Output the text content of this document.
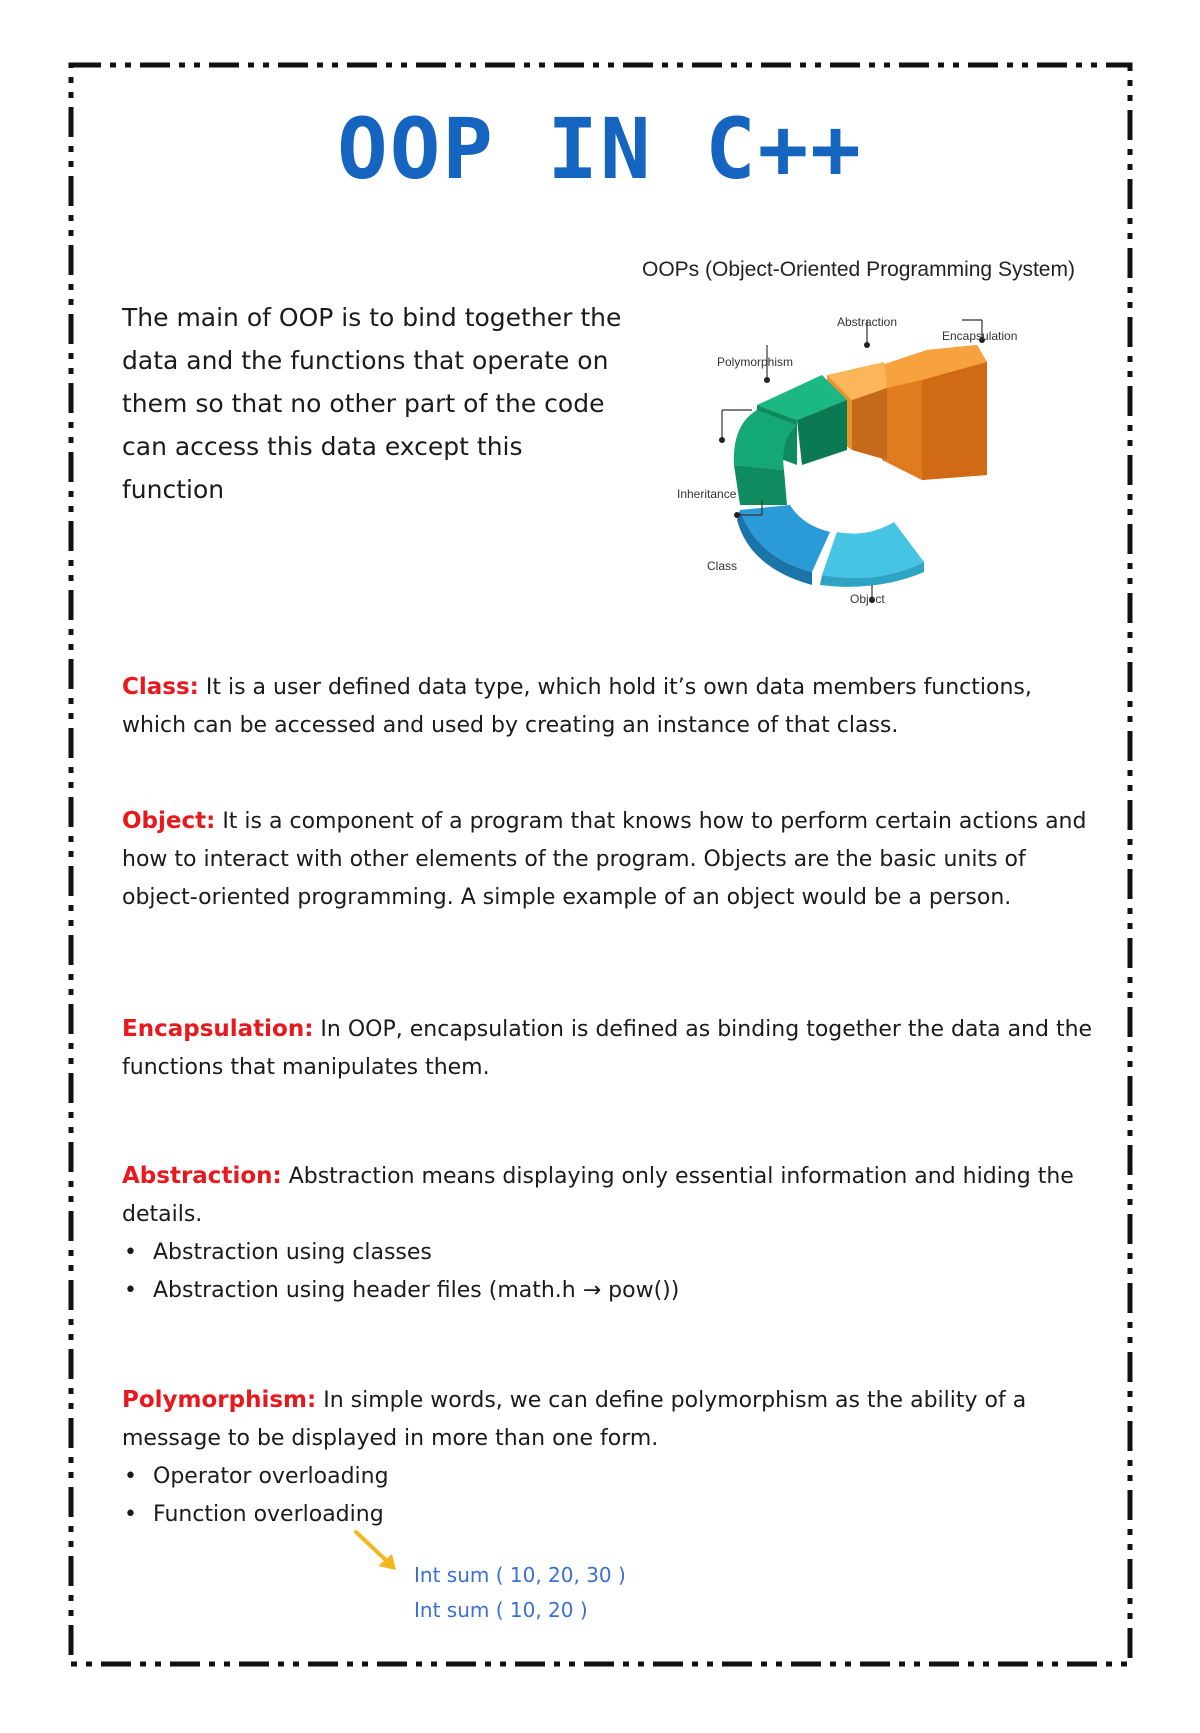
OOP IN C++
The main of OOP is to bind together the data and the functions that operate on them so that no other part of the code can access this data except this function
OOPs (Object-Oriented Programming System)
Abstraction
Encapsulation
Polymorphism
Inheritance
Class
Object
Class: It is a user defined data type, which hold it’s own data members functions, which can be accessed and used by creating an instance of that class.
Object: It is a component of a program that knows how to perform certain actions and how to interact with other elements of the program. Objects are the basic units of object-oriented programming. A simple example of an object would be a person.
Encapsulation: In OOP, encapsulation is defined as binding together the data and the functions that manipulates them.
Abstraction: Abstraction means displaying only essential information and hiding the details.
• Abstraction using classes
• Abstraction using header files (math.h → pow())
Polymorphism: In simple words, we can define polymorphism as the ability of a message to be displayed in more than one form.
• Operator overloading
• Function overloading
Int sum ( 10, 20, 30 )
Int sum ( 10, 20 )
